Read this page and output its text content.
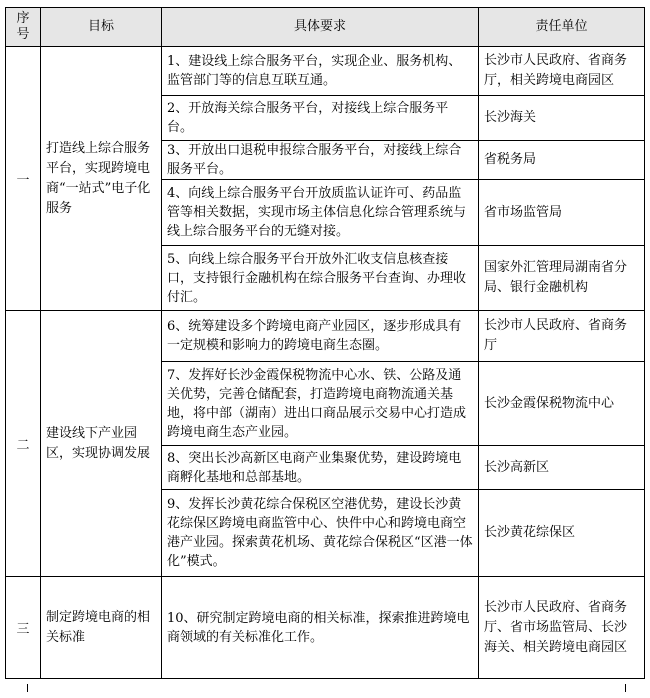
序号	目标	具体要求	责任单位
一	打造线上综合服务平台，实现跨境电商“一站式”电子化服务	1、建设线上综合服务平台，实现企业、服务机构、监管部门等的信息互联互通。	长沙市人民政府、省商务厅，相关跨境电商园区
		2、开放海关综合服务平台，对接线上综合服务平台。	长沙海关
		3、开放出口退税申报综合服务平台，对接线上综合服务平台。	省税务局
		4、向线上综合服务平台开放质监认证许可、药品监管等相关数据，实现市场主体信息化综合管理系统与线上综合服务平台的无缝对接。	省市场监管局
		5、向线上综合服务平台开放外汇收支信息核查接口，支持银行金融机构在综合服务平台查询、办理收付汇。	国家外汇管理局湖南省分局、银行金融机构
二	建设线下产业园区，实现协调发展	6、统筹建设多个跨境电商产业园区，逐步形成具有一定规模和影响力的跨境电商生态圈。	长沙市人民政府、省商务厅
		7、发挥好长沙金霞保税物流中心水、铁、公路及通关优势，完善仓储配套，打造跨境电商物流通关基地，将中部（湖南）进出口商品展示交易中心打造成跨境电商生态产业园。	长沙金霞保税物流中心
		8、突出长沙高新区电商产业集聚优势，建设跨境电商孵化基地和总部基地。	长沙高新区
		9、发挥长沙黄花综合保税区空港优势，建设长沙黄花综保区跨境电商监管中心、快件中心和跨境电商空港产业园。探索黄花机场、黄花综合保税区“区港一体化”模式。	长沙黄花综保区
三	制定跨境电商的相关标准	10、研究制定跨境电商的相关标准，探索推进跨境电商领域的有关标准化工作。	长沙市人民政府、省商务厅、省市场监管局、长沙海关、相关跨境电商园区
